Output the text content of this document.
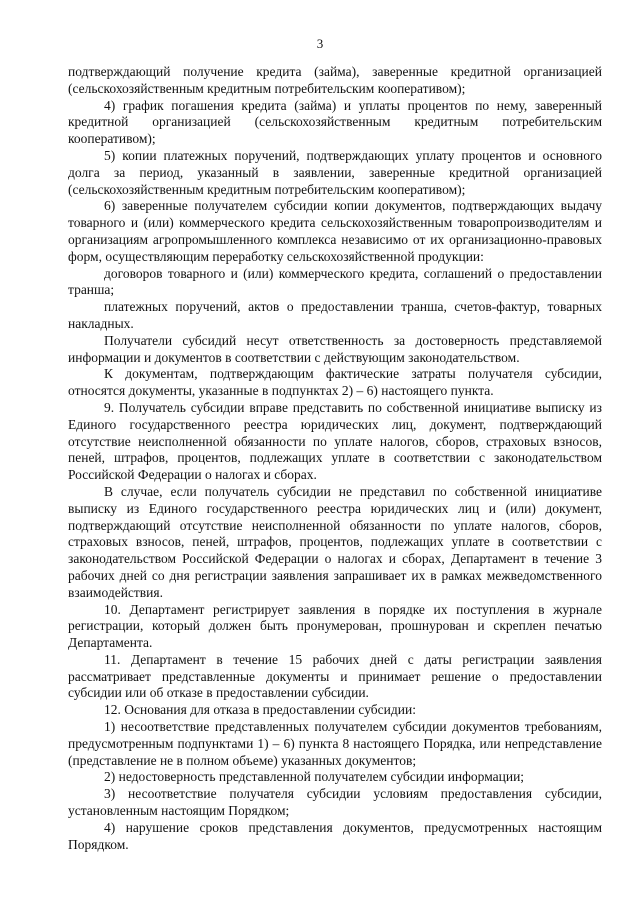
3

подтверждающий получение кредита (займа), заверенные кредитной организацией (сельскохозяйственным кредитным потребительским кооперативом);

4) график погашения кредита (займа) и уплаты процентов по нему, заверенный кредитной организацией (сельскохозяйственным кредитным потребительским кооперативом);

5) копии платежных поручений, подтверждающих уплату процентов и основного долга за период, указанный в заявлении, заверенные кредитной организацией (сельскохозяйственным кредитным потребительским кооперативом);

6) заверенные получателем субсидии копии документов, подтверждающих выдачу товарного и (или) коммерческого кредита сельскохозяйственным товаропроизводителям и организациям агропромышленного комплекса независимо от их организационно-правовых форм, осуществляющим переработку сельскохозяйственной продукции:

договоров товарного и (или) коммерческого кредита, соглашений о предоставлении транша;

платежных поручений, актов о предоставлении транша, счетов-фактур, товарных накладных.

Получатели субсидий несут ответственность за достоверность представляемой информации и документов в соответствии с действующим законодательством.

К документам, подтверждающим фактические затраты получателя субсидии, относятся документы, указанные в подпунктах 2) – 6) настоящего пункта.

9. Получатель субсидии вправе представить по собственной инициативе выписку из Единого государственного реестра юридических лиц, документ, подтверждающий отсутствие неисполненной обязанности по уплате налогов, сборов, страховых взносов, пеней, штрафов, процентов, подлежащих уплате в соответствии с законодательством Российской Федерации о налогах и сборах.

В случае, если получатель субсидии не представил по собственной инициативе выписку из Единого государственного реестра юридических лиц и (или) документ, подтверждающий отсутствие неисполненной обязанности по уплате налогов, сборов, страховых взносов, пеней, штрафов, процентов, подлежащих уплате в соответствии с законодательством Российской Федерации о налогах и сборах, Департамент в течение 3 рабочих дней со дня регистрации заявления запрашивает их в рамках межведомственного взаимодействия.

10. Департамент регистрирует заявления в порядке их поступления в журнале регистрации, который должен быть пронумерован, прошнурован и скреплен печатью Департамента.

11. Департамент в течение 15 рабочих дней с даты регистрации заявления рассматривает представленные документы и принимает решение о предоставлении субсидии или об отказе в предоставлении субсидии.

12. Основания для отказа в предоставлении субсидии:

1) несоответствие представленных получателем субсидии документов требованиям, предусмотренным подпунктами 1) – 6) пункта 8 настоящего Порядка, или непредставление (представление не в полном объеме) указанных документов;

2) недостоверность представленной получателем субсидии информации;

3) несоответствие получателя субсидии условиям предоставления субсидии, установленным настоящим Порядком;

4) нарушение сроков представления документов, предусмотренных настоящим Порядком.
